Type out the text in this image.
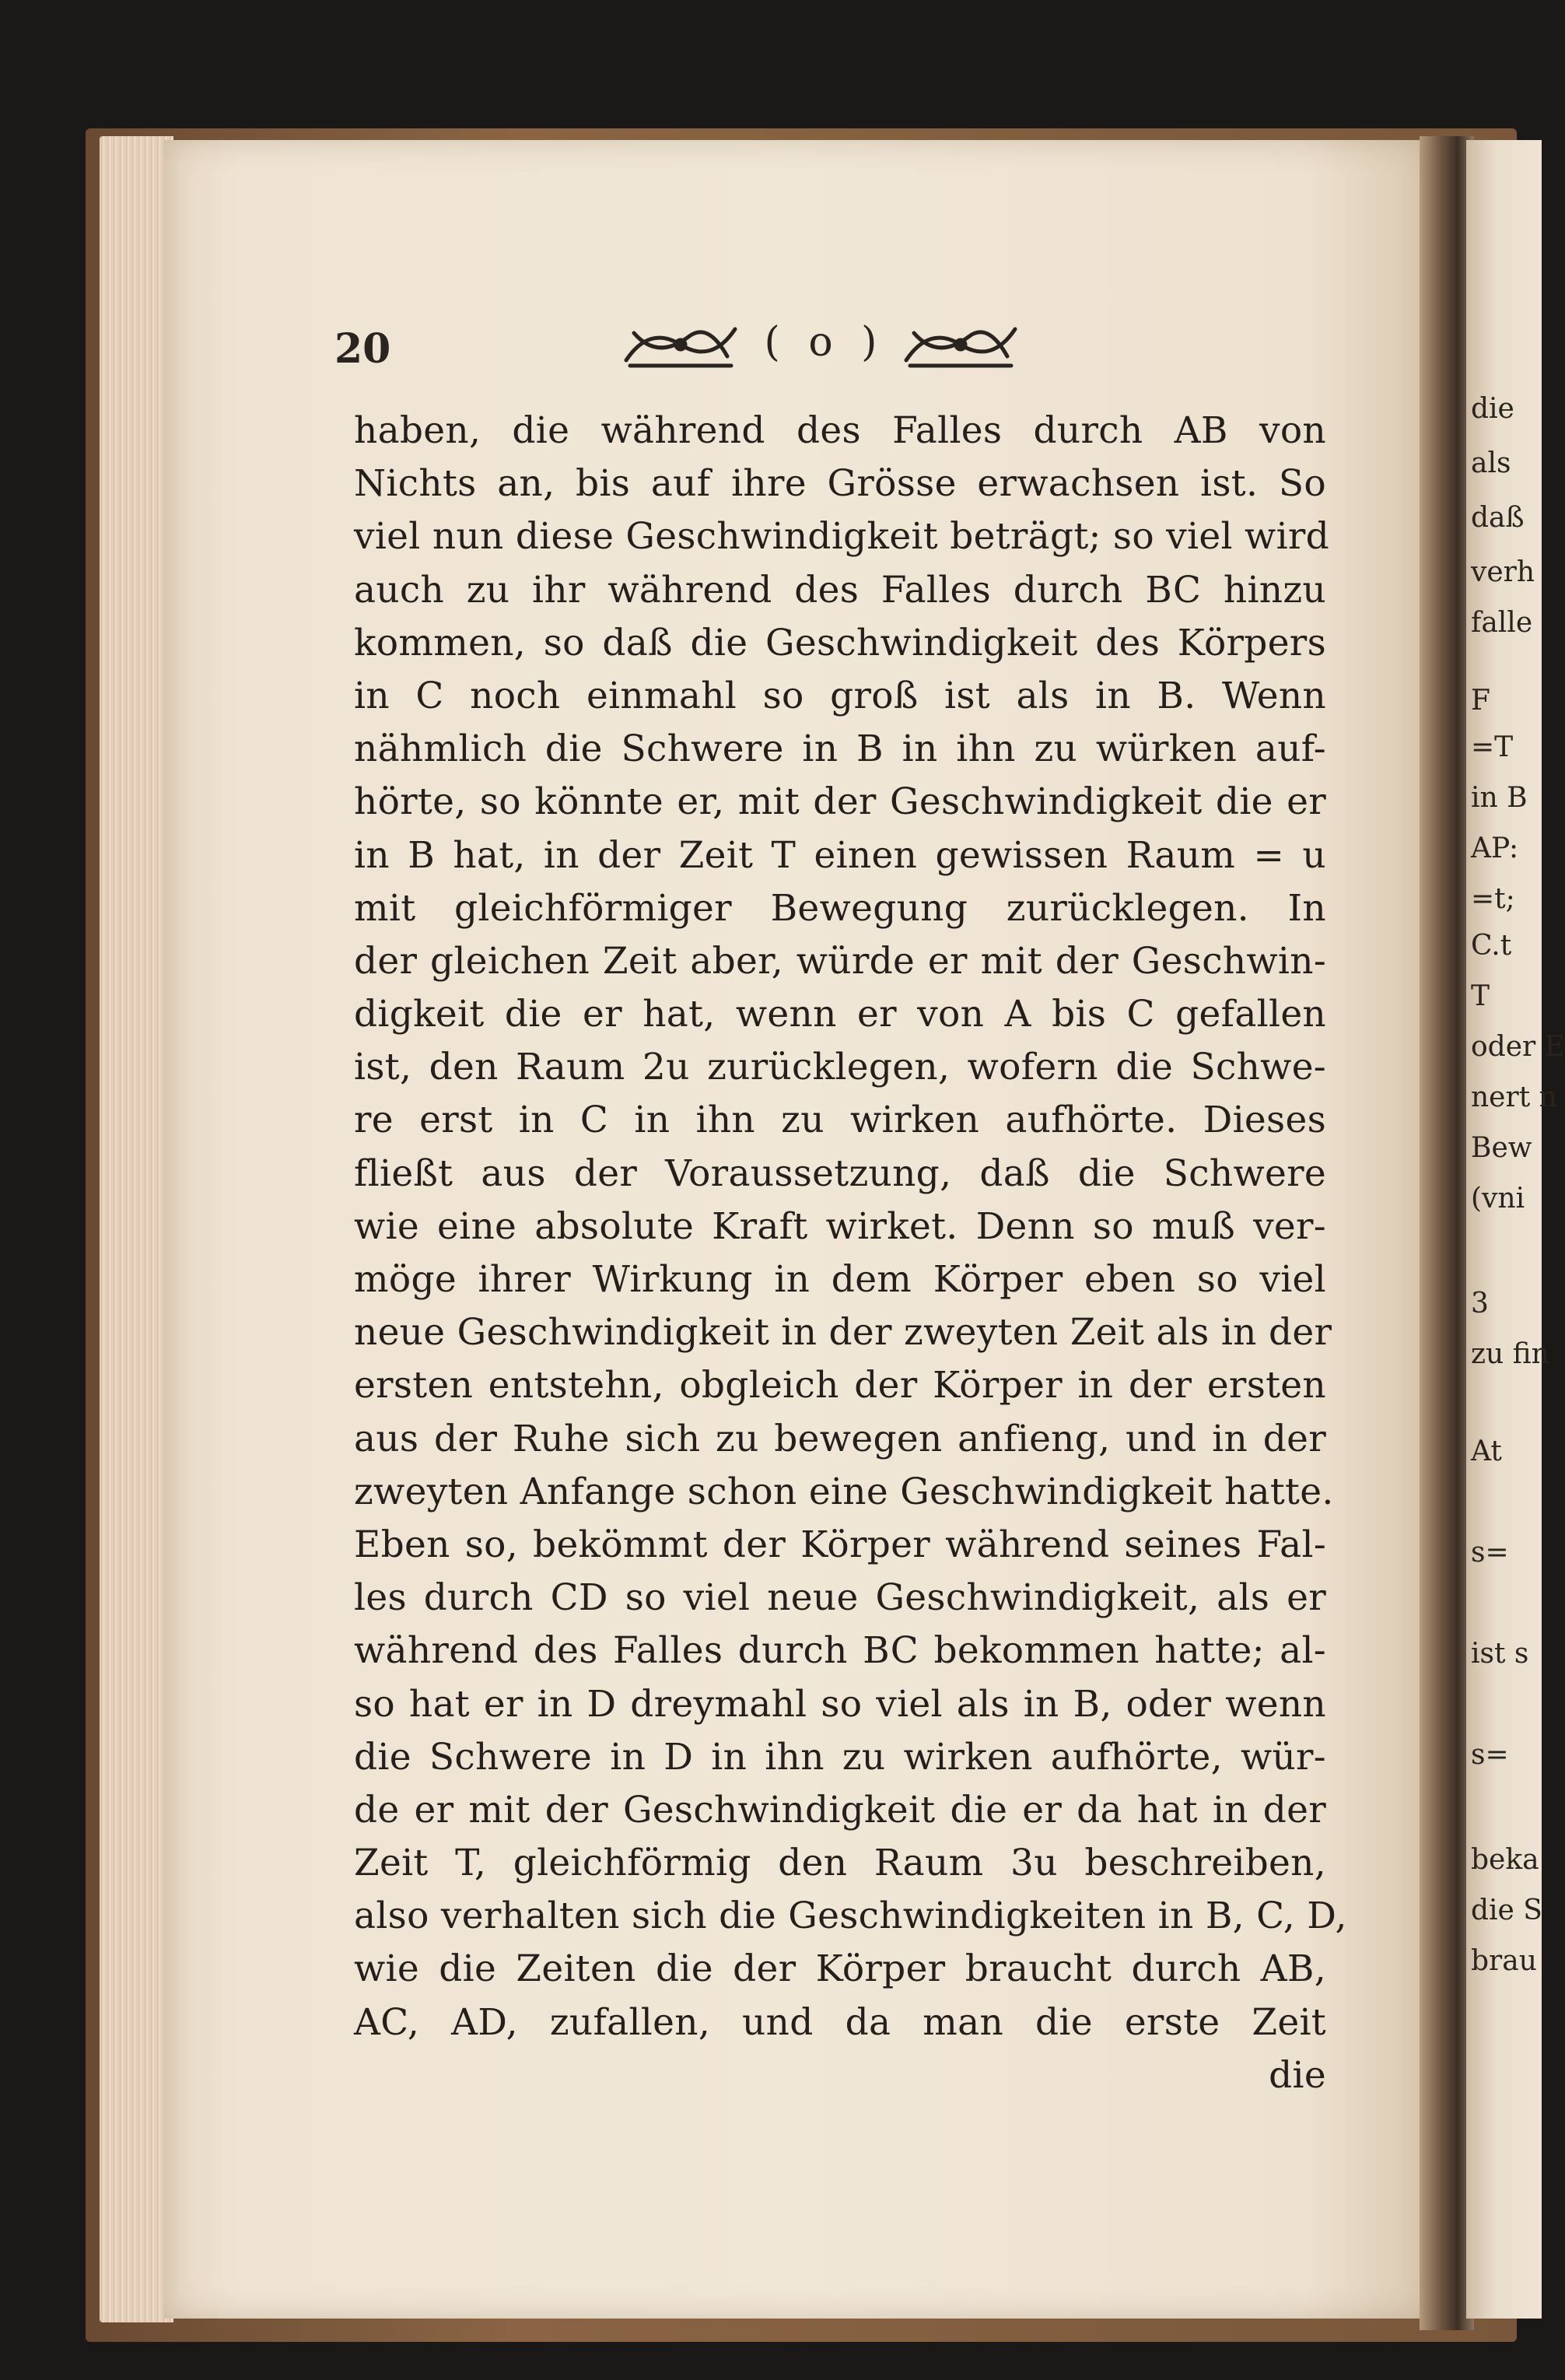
20	( o )
haben, die während des Falles durch AB von
Nichts an, bis auf ihre Grösse erwachsen ist. So
viel nun diese Geschwindigkeit beträgt; so viel wird
auch zu ihr während des Falles durch BC hinzu
kommen, so daß die Geschwindigkeit des Körpers
in C noch einmahl so groß ist als in B. Wenn
nähmlich die Schwere in B in ihn zu würken auf-
hörte, so könnte er, mit der Geschwindigkeit die er
in B hat, in der Zeit T einen gewissen Raum = u
mit gleichförmiger Bewegung zurücklegen. In
der gleichen Zeit aber, würde er mit der Geschwin-
digkeit die er hat, wenn er von A bis C gefallen
ist, den Raum 2u zurücklegen, wofern die Schwe-
re erst in C in ihn zu wirken aufhörte. Dieses
fließt aus der Voraussetzung, daß die Schwere
wie eine absolute Kraft wirket. Denn so muß ver-
möge ihrer Wirkung in dem Körper eben so viel
neue Geschwindigkeit in der zweyten Zeit als in der
ersten entstehn, obgleich der Körper in der ersten
aus der Ruhe sich zu bewegen anfieng, und in der
zweyten Anfange schon eine Geschwindigkeit hatte.
Eben so, bekömmt der Körper während seines Fal-
les durch CD so viel neue Geschwindigkeit, als er
während des Falles durch BC bekommen hatte; al-
so hat er in D dreymahl so viel als in B, oder wenn
die Schwere in D in ihn zu wirken aufhörte, wür-
de er mit der Geschwindigkeit die er da hat in der
Zeit T, gleichförmig den Raum 3u beschreiben,
also verhalten sich die Geschwindigkeiten in B, C, D,
wie die Zeiten die der Körper braucht durch AB,
AC, AD, zufallen, und da man die erste Zeit
die
die
als
daß
verh
falle
F
=T
in B
AP:
=t;
C.t
T
oder E
nert n
Bew
(vni
3
zu fin
At
s=
ist s
s=
beka
die S
brau
